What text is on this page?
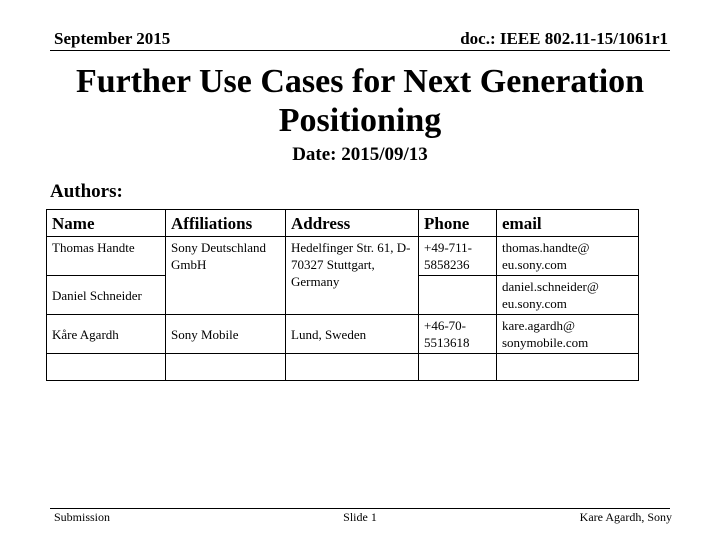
September 2015	doc.: IEEE 802.11-15/1061r1
Further Use Cases for Next Generation
Positioning
Date: 2015/09/13
Authors:
Name	Affiliations	Address	Phone	email
Thomas Handte	Sony Deutschland GmbH	Hedelfinger Str. 61, D-70327 Stuttgart, Germany	+49-711-5858236	thomas.handte@ eu.sony.com
Daniel Schneider				daniel.schneider@ eu.sony.com
Kåre Agardh	Sony Mobile	Lund, Sweden	+46-70-5513618	kare.agardh@ sonymobile.com

Submission	Slide 1	Kare Agardh, Sony
